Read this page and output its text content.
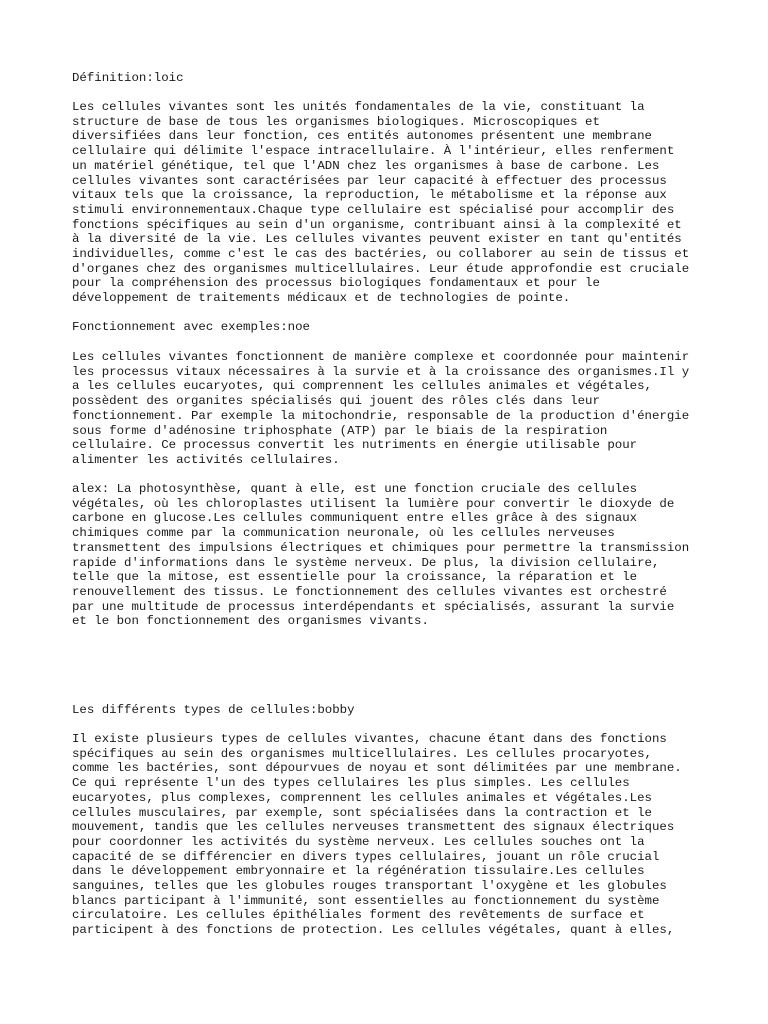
Définition:loic

Les cellules vivantes sont les unités fondamentales de la vie, constituant la
structure de base de tous les organismes biologiques. Microscopiques et
diversifiées dans leur fonction, ces entités autonomes présentent une membrane
cellulaire qui délimite l'espace intracellulaire. À l'intérieur, elles renferment
un matériel génétique, tel que l'ADN chez les organismes à base de carbone. Les
cellules vivantes sont caractérisées par leur capacité à effectuer des processus
vitaux tels que la croissance, la reproduction, le métabolisme et la réponse aux
stimuli environnementaux.Chaque type cellulaire est spécialisé pour accomplir des
fonctions spécifiques au sein d'un organisme, contribuant ainsi à la complexité et
à la diversité de la vie. Les cellules vivantes peuvent exister en tant qu'entités
individuelles, comme c'est le cas des bactéries, ou collaborer au sein de tissus et
d'organes chez des organismes multicellulaires. Leur étude approfondie est cruciale
pour la compréhension des processus biologiques fondamentaux et pour le
développement de traitements médicaux et de technologies de pointe.

Fonctionnement avec exemples:noe

Les cellules vivantes fonctionnent de manière complexe et coordonnée pour maintenir
les processus vitaux nécessaires à la survie et à la croissance des organismes.Il y
a les cellules eucaryotes, qui comprennent les cellules animales et végétales,
possèdent des organites spécialisés qui jouent des rôles clés dans leur
fonctionnement. Par exemple la mitochondrie, responsable de la production d'énergie
sous forme d'adénosine triphosphate (ATP) par le biais de la respiration
cellulaire. Ce processus convertit les nutriments en énergie utilisable pour
alimenter les activités cellulaires.

alex: La photosynthèse, quant à elle, est une fonction cruciale des cellules
végétales, où les chloroplastes utilisent la lumière pour convertir le dioxyde de
carbone en glucose.Les cellules communiquent entre elles grâce à des signaux
chimiques comme par la communication neuronale, où les cellules nerveuses
transmettent des impulsions électriques et chimiques pour permettre la transmission
rapide d'informations dans le système nerveux. De plus, la division cellulaire,
telle que la mitose, est essentielle pour la croissance, la réparation et le
renouvellement des tissus. Le fonctionnement des cellules vivantes est orchestré
par une multitude de processus interdépendants et spécialisés, assurant la survie
et le bon fonctionnement des organismes vivants.

Les différents types de cellules:bobby

Il existe plusieurs types de cellules vivantes, chacune étant dans des fonctions
spécifiques au sein des organismes multicellulaires. Les cellules procaryotes,
comme les bactéries, sont dépourvues de noyau et sont délimitées par une membrane.
Ce qui représente l'un des types cellulaires les plus simples. Les cellules
eucaryotes, plus complexes, comprennent les cellules animales et végétales.Les
cellules musculaires, par exemple, sont spécialisées dans la contraction et le
mouvement, tandis que les cellules nerveuses transmettent des signaux électriques
pour coordonner les activités du système nerveux. Les cellules souches ont la
capacité de se différencier en divers types cellulaires, jouant un rôle crucial
dans le développement embryonnaire et la régénération tissulaire.Les cellules
sanguines, telles que les globules rouges transportant l'oxygène et les globules
blancs participant à l'immunité, sont essentielles au fonctionnement du système
circulatoire. Les cellules épithéliales forment des revêtements de surface et
participent à des fonctions de protection. Les cellules végétales, quant à elles,
